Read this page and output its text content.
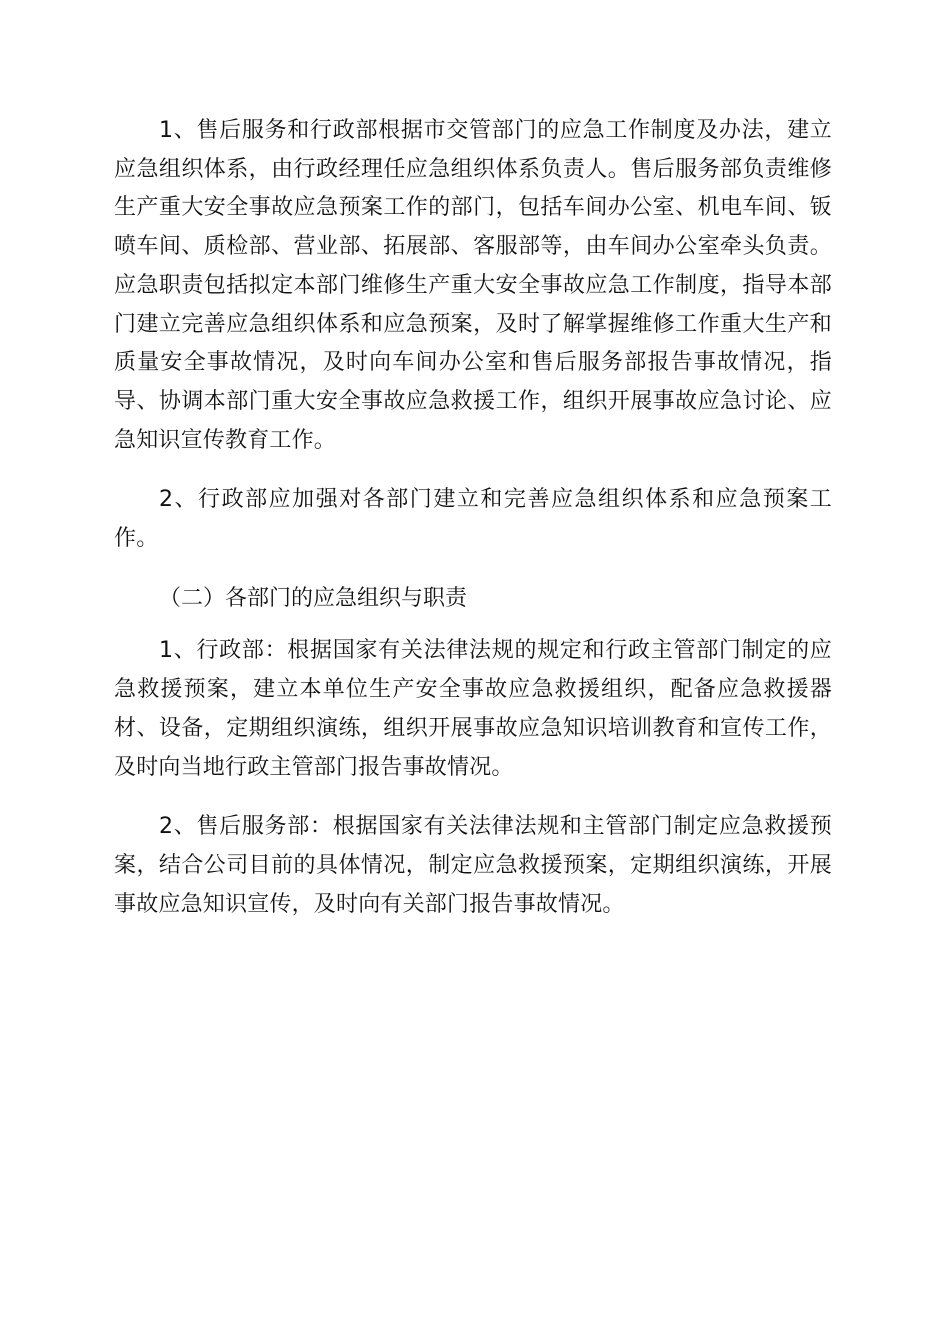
1、售后服务和行政部根据市交管部门的应急工作制度及办法，建立应急组织体系，由行政经理任应急组织体系负责人。售后服务部负责维修生产重大安全事故应急预案工作的部门，包括车间办公室、机电车间、钣喷车间、质检部、营业部、拓展部、客服部等，由车间办公室牵头负责。应急职责包括拟定本部门维修生产重大安全事故应急工作制度，指导本部门建立完善应急组织体系和应急预案，及时了解掌握维修工作重大生产和质量安全事故情况，及时向车间办公室和售后服务部报告事故情况，指导、协调本部门重大安全事故应急救援工作，组织开展事故应急讨论、应急知识宣传教育工作。

2、行政部应加强对各部门建立和完善应急组织体系和应急预案工作。

（二）各部门的应急组织与职责

1、行政部：根据国家有关法律法规的规定和行政主管部门制定的应急救援预案，建立本单位生产安全事故应急救援组织，配备应急救援器材、设备，定期组织演练，组织开展事故应急知识培训教育和宣传工作，及时向当地行政主管部门报告事故情况。

2、售后服务部：根据国家有关法律法规和主管部门制定应急救援预案，结合公司目前的具体情况，制定应急救援预案，定期组织演练，开展事故应急知识宣传，及时向有关部门报告事故情况。
